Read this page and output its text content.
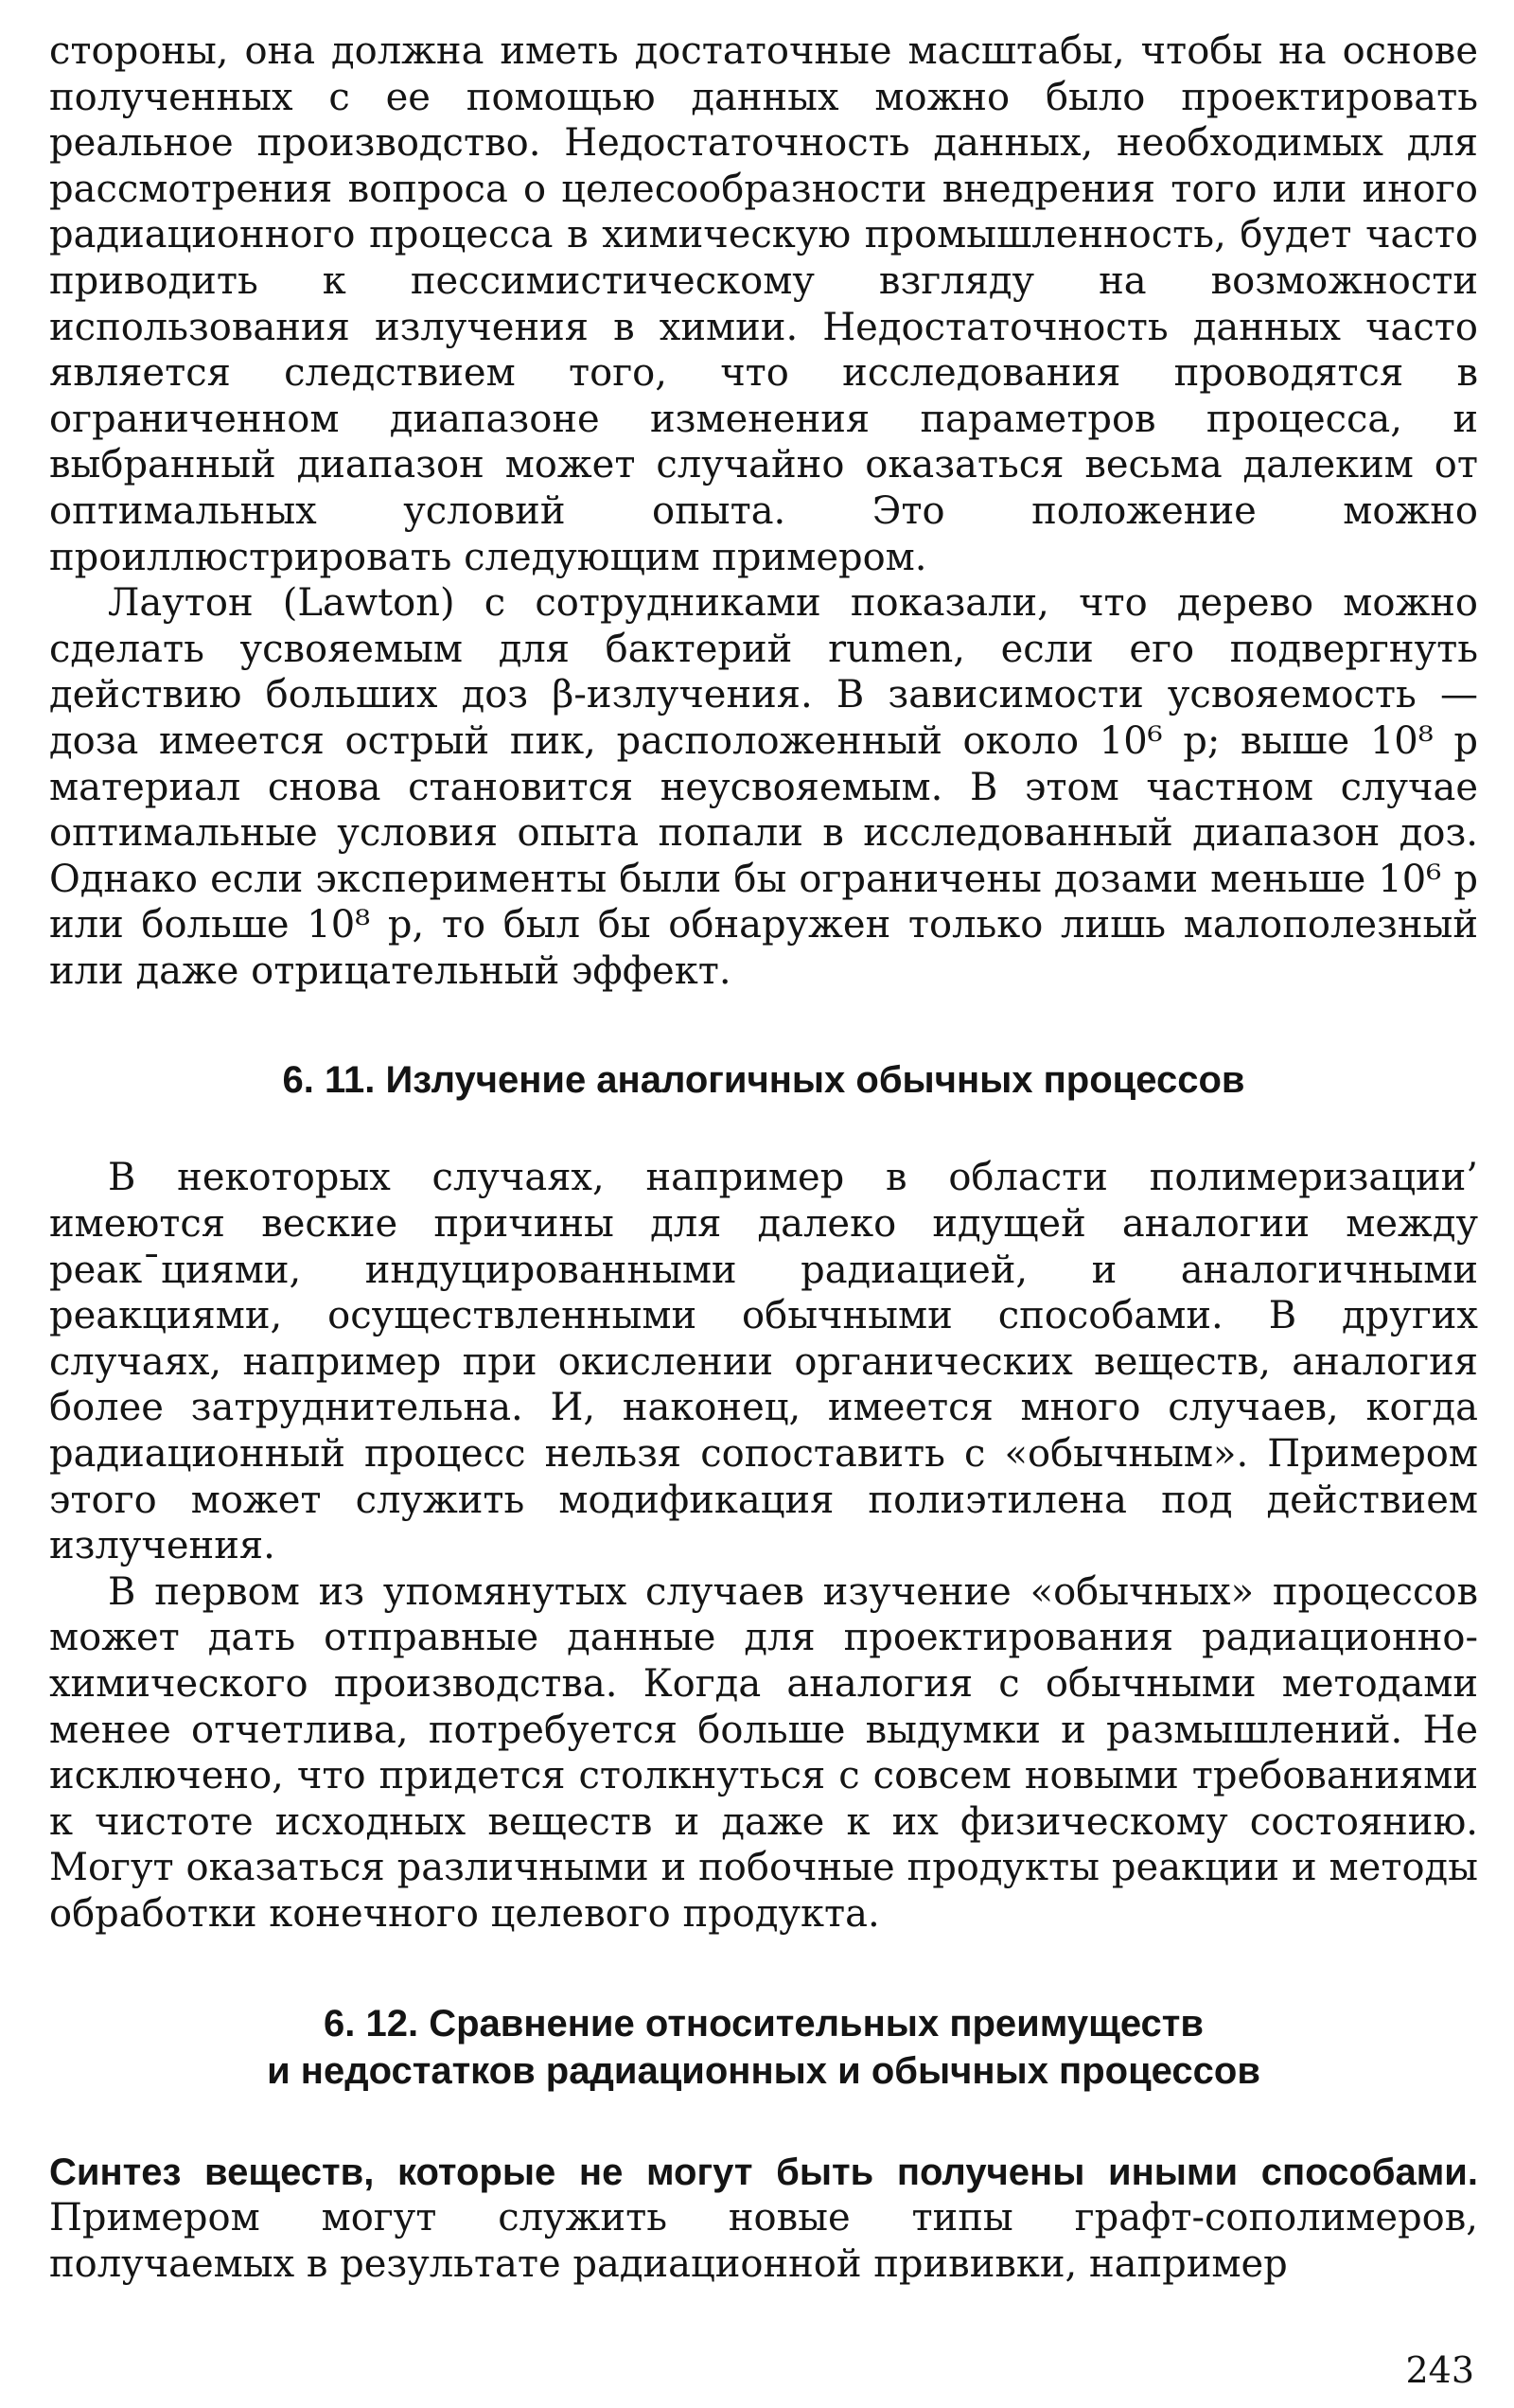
стороны, она должна иметь достаточные масштабы, чтобы на основе полученных с ее помощью данных можно было проектировать реальное производство. Недостаточность данных, необходимых для рассмотрения вопроса о целесообразности внедрения того или иного радиационного процесса в химическую промышленность, будет часто приводить к пессимистическому взгляду на возможности использования излучения в химии. Недостаточность данных часто является следствием того, что исследования проводятся в ограниченном диапазоне изменения параметров процесса, и выбранный диапазон может случайно оказаться весьма далеким от оптимальных условий опыта. Это положение можно проиллюстрировать следующим примером.

Лаутон (Lawton) с сотрудниками показали, что дерево можно сделать усвояемым для бактерий rumen, если его подвергнуть действию больших доз β-излучения. В зависимости усвояемость — доза имеется острый пик, расположенный около 10⁶ р; выше 10⁸ р материал снова становится неусвояемым. В этом частном случае оптимальные условия опыта попали в исследованный диапазон доз. Однако если эксперименты были бы ограничены дозами меньше 10⁶ р или больше 10⁸ р, то был бы обнаружен только лишь малополезный или даже отрицательный эффект.

6. 11. Излучение аналогичных обычных процессов

В некоторых случаях, например в области полимеризации’ имеются веские причины для далеко идущей аналогии между реак¯циями, индуцированными радиацией, и аналогичными реакциями, осуществленными обычными способами. В других случаях, например при окислении органических веществ, аналогия более затруднительна. И, наконец, имеется много случаев, когда радиационный процесс нельзя сопоставить с «обычным». Примером этого может служить модификация полиэтилена под действием излучения.

В первом из упомянутых случаев изучение «обычных» процессов может дать отправные данные для проектирования радиационно-химического производства. Когда аналогия с обычными методами менее отчетлива, потребуется больше выдумки и размышлений. Не исключено, что придется столкнуться с совсем новыми требованиями к чистоте исходных веществ и даже к их физическому состоянию. Могут оказаться различными и побочные продукты реакции и методы обработки конечного целевого продукта.

6. 12. Сравнение относительных преимуществ
и недостатков радиационных и обычных процессов

Синтез веществ, которые не могут быть получены иными способами. Примером могут служить новые типы графт-сополимеров, получаемых в результате радиационной прививки, например

243
